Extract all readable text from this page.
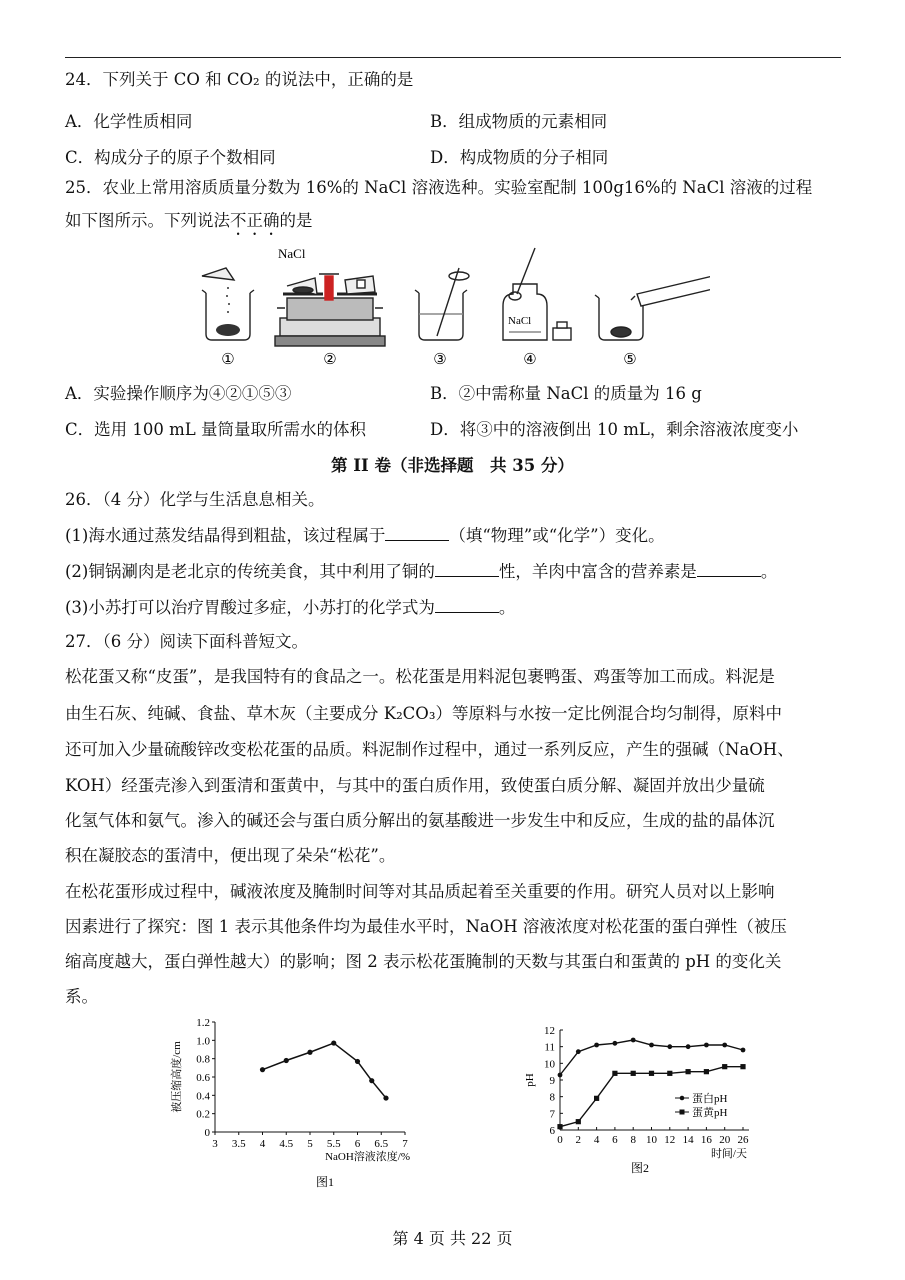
24．下列关于 CO 和 CO₂ 的说法中，正确的是
A．化学性质相同	B．组成物质的元素相同
C．构成分子的原子个数相同	D．构成物质的分子相同
25．农业上常用溶质质量分数为 16%的 NaCl 溶液选种。实验室配制 100g16%的 NaCl 溶液的过程
如下图所示。下列说法不正确的是
NaCl
NaCl
①	②	③	④	⑤
A．实验操作顺序为④②①⑤③	B．②中需称量 NaCl 的质量为 16 g
C．选用 100 mL 量筒量取所需水的体积	D．将③中的溶液倒出 10 mL，剩余溶液浓度变小
第 II 卷（非选择题　共 35 分）
26．（4 分）化学与生活息息相关。
(1)海水通过蒸发结晶得到粗盐，该过程属于	（填“物理”或“化学”）变化。
(2)铜锅涮肉是老北京的传统美食，其中利用了铜的	性，羊肉中富含的营养素是	。
(3)小苏打可以治疗胃酸过多症，小苏打的化学式为	。
27．（6 分）阅读下面科普短文。
松花蛋又称“皮蛋”，是我国特有的食品之一。松花蛋是用料泥包裹鸭蛋、鸡蛋等加工而成。料泥是
由生石灰、纯碱、食盐、草木灰（主要成分 K₂CO₃）等原料与水按一定比例混合均匀制得，原料中
还可加入少量硫酸锌改变松花蛋的品质。料泥制作过程中，通过一系列反应，产生的强碱（NaOH、
KOH）经蛋壳渗入到蛋清和蛋黄中，与其中的蛋白质作用，致使蛋白质分解、凝固并放出少量硫
化氢气体和氨气。渗入的碱还会与蛋白质分解出的氨基酸进一步发生中和反应，生成的盐的晶体沉
积在凝胶态的蛋清中，便出现了朵朵“松花”。
在松花蛋形成过程中，碱液浓度及腌制时间等对其品质起着至关重要的作用。研究人员对以上影响
因素进行了探究：图 1 表示其他条件均为最佳水平时，NaOH 溶液浓度对松花蛋的蛋白弹性（被压
缩高度越大，蛋白弹性越大）的影响；图 2 表示松花蛋腌制的天数与其蛋白和蛋黄的 pH 的变化关
系。
3 3.5 4 4.5 5 5.5 6 6.5 7
0
0.2
0.4
0.6
0.8
1.0
1.2
NaOH溶液浓度/%
被压缩高度/cm
图1
0 2 4 6 8 10 12 14 16 20 26
6
7
8
9
10
11
12
时间/天
pH
图2
蛋白pH
蛋黄pH
第 4 页 共 22 页
